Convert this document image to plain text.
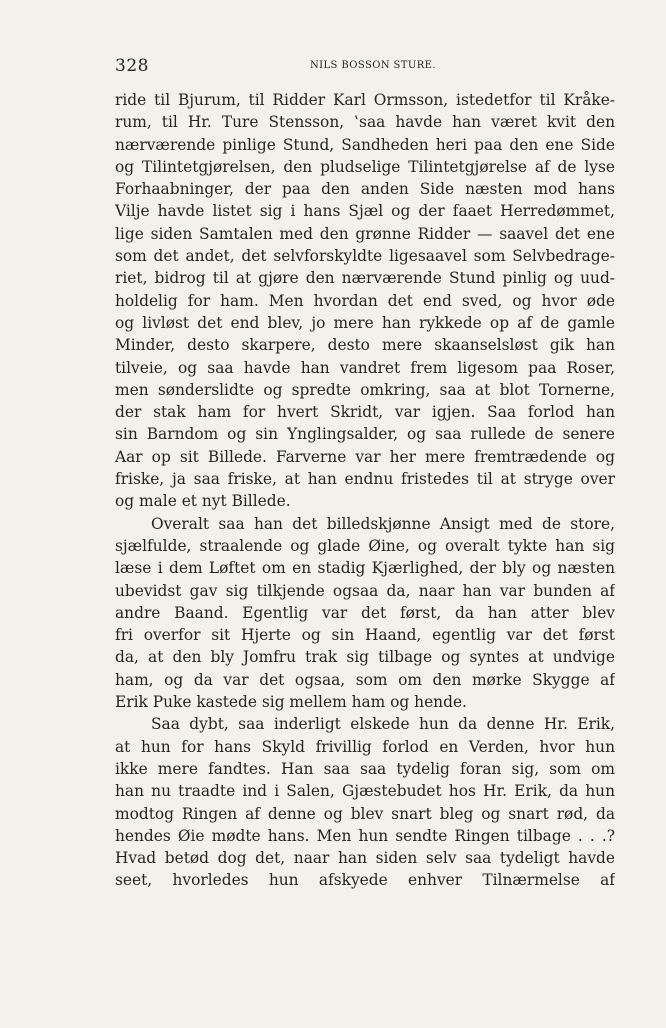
328	NILS BOSSON STURE.
ride til Bjurum, til Ridder Karl Ormsson, istedetfor til Kråke-
rum, til Hr. Ture Stensson, ‛saa havde han været kvit den
nærværende pinlige Stund, Sandheden heri paa den ene Side
og Tilintetgjørelsen, den pludselige Tilintetgjørelse af de lyse
Forhaabninger, der paa den anden Side næsten mod hans
Vilje havde listet sig i hans Sjæl og der faaet Herredømmet,
lige siden Samtalen med den grønne Ridder — saavel det ene
som det andet, det selvforskyldte ligesaavel som Selvbedrage-
riet, bidrog til at gjøre den nærværende Stund pinlig og uud-
holdelig for ham. Men hvordan det end sved, og hvor øde
og livløst det end blev, jo mere han rykkede op af de gamle
Minder, desto skarpere, desto mere skaanselsløst gik han
tilveie, og saa havde han vandret frem ligesom paa Roser,
men sønderslidte og spredte omkring, saa at blot Tornerne,
der stak ham for hvert Skridt, var igjen. Saa forlod han
sin Barndom og sin Ynglingsalder, og saa rullede de senere
Aar op sit Billede. Farverne var her mere fremtrædende og
friske, ja saa friske, at han endnu fristedes til at stryge over
og male et nyt Billede.
Overalt saa han det billedskjønne Ansigt med de store,
sjælfulde, straalende og glade Øine, og overalt tykte han sig
læse i dem Løftet om en stadig Kjærlighed, der bly og næsten
ubevidst gav sig tilkjende ogsaa da, naar han var bunden af
andre Baand. Egentlig var det først, da han atter blev
fri overfor sit Hjerte og sin Haand, egentlig var det først
da, at den bly Jomfru trak sig tilbage og syntes at undvige
ham, og da var det ogsaa, som om den mørke Skygge af
Erik Puke kastede sig mellem ham og hende.
Saa dybt, saa inderligt elskede hun da denne Hr. Erik,
at hun for hans Skyld frivillig forlod en Verden, hvor hun
ikke mere fandtes. Han saa saa tydelig foran sig, som om
han nu traadte ind i Salen, Gjæstebudet hos Hr. Erik, da hun
modtog Ringen af denne og blev snart bleg og snart rød, da
hendes Øie mødte hans. Men hun sendte Ringen tilbage . . .?
Hvad betød dog det, naar han siden selv saa tydeligt havde
seet, hvorledes hun afskyede enhver Tilnærmelse af
